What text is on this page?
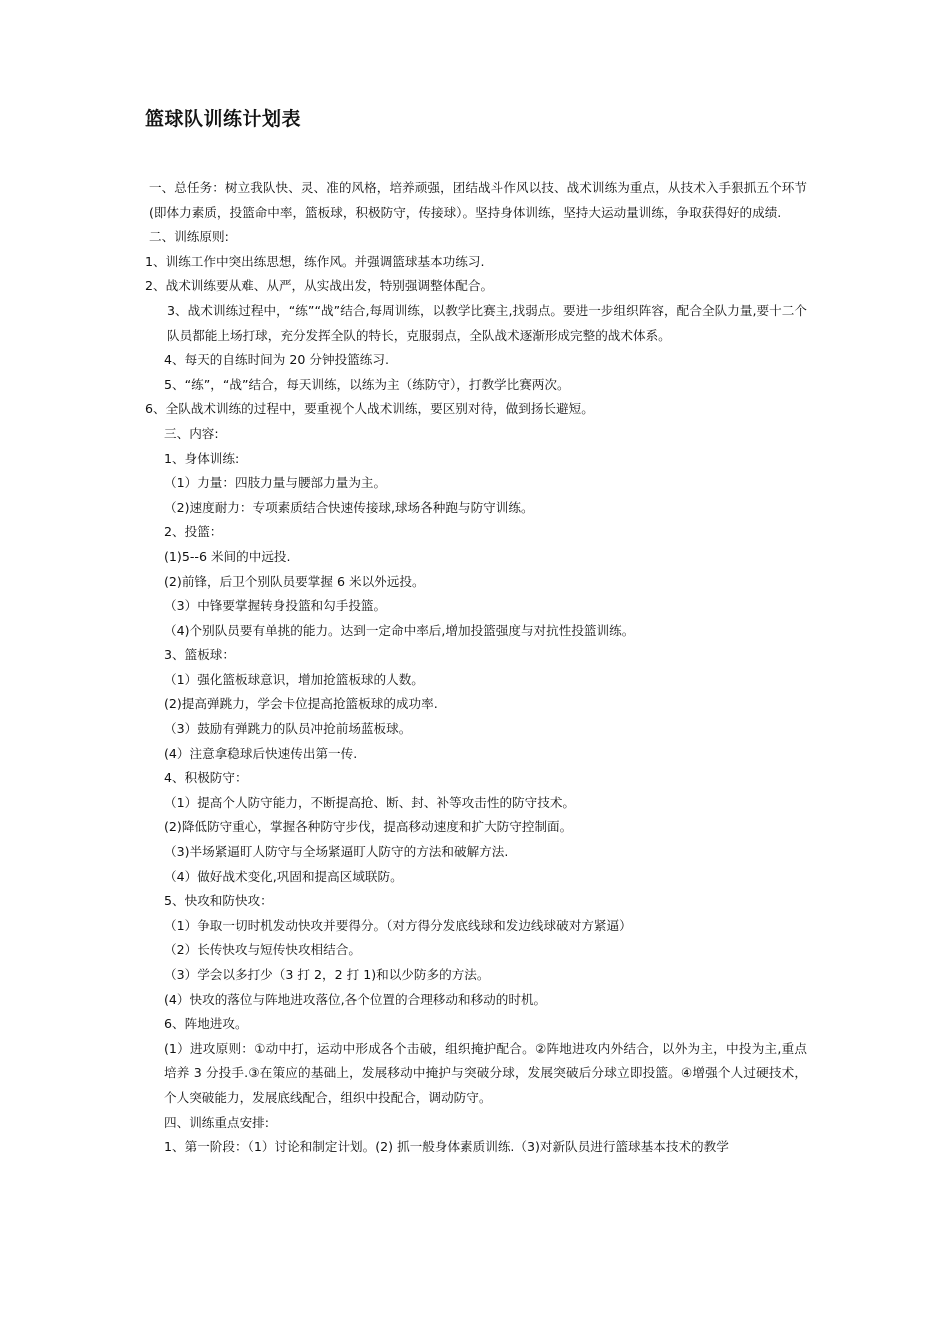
篮球队训练计划表

一、总任务：树立我队快、灵、准的风格，培养顽强，团结战斗作风以技、战术训练为重点，从技术入手狠抓五个环节(即体力素质，投篮命中率，篮板球，积极防守，传接球）。坚持身体训练，坚持大运动量训练，争取获得好的成绩.

二、训练原则:

1、训练工作中突出练思想，练作风。并强调篮球基本功练习.

2、战术训练要从难、从严，从实战出发，特别强调整体配合。

3、战术训练过程中，“练”“战”结合,每周训练，以教学比赛主,找弱点。要进一步组织阵容，配合全队力量,要十二个队员都能上场打球，充分发挥全队的特长，克服弱点，全队战术逐渐形成完整的战术体系。

4、每天的自练时间为 20 分钟投篮练习.

5、“练”，“战”结合，每天训练，以练为主（练防守），打教学比赛两次。

6、全队战术训练的过程中，要重视个人战术训练，要区别对待，做到扬长避短。

三、内容:

1、身体训练:

（1）力量：四肢力量与腰部力量为主。

（2)速度耐力：专项素质结合快速传接球,球场各种跑与防守训练。

2、投篮：

(1)5--6 米间的中远投.

(2)前锋，后卫个别队员要掌握 6 米以外远投。

（3）中锋要掌握转身投篮和勾手投篮。

（4)个别队员要有单挑的能力。达到一定命中率后,增加投篮强度与对抗性投篮训练。

3、篮板球：

（1）强化篮板球意识，增加抢篮板球的人数。

(2)提高弹跳力，学会卡位提高抢篮板球的成功率.

（3）鼓励有弹跳力的队员冲抢前场蓝板球。

(4）注意拿稳球后快速传出第一传.

4、积极防守：

（1）提高个人防守能力，不断提高抢、断、封、补等攻击性的防守技术。

(2)降低防守重心，掌握各种防守步伐，提高移动速度和扩大防守控制面。

（3)半场紧逼盯人防守与全场紧逼盯人防守的方法和破解方法.

（4）做好战术变化,巩固和提高区域联防。

5、快攻和防快攻：

（1）争取一切时机发动快攻并要得分。（对方得分发底线球和发边线球破对方紧逼）

（2）长传快攻与短传快攻相结合。

（3）学会以多打少（3 打 2，2 打 1)和以少防多的方法。

(4）快攻的落位与阵地进攻落位,各个位置的合理移动和移动的时机。

6、阵地进攻。

(1）进攻原则：①动中打，运动中形成各个击破，组织掩护配合。②阵地进攻内外结合，以外为主，中投为主,重点培养 3 分投手.③在策应的基础上，发展移动中掩护与突破分球，发展突破后分球立即投篮。④增强个人过硬技术，个人突破能力，发展底线配合，组织中投配合，调动防守。

四、训练重点安排:

1、第一阶段：（1）讨论和制定计划。(2) 抓一般身体素质训练.（3)对新队员进行篮球基本技术的教学
